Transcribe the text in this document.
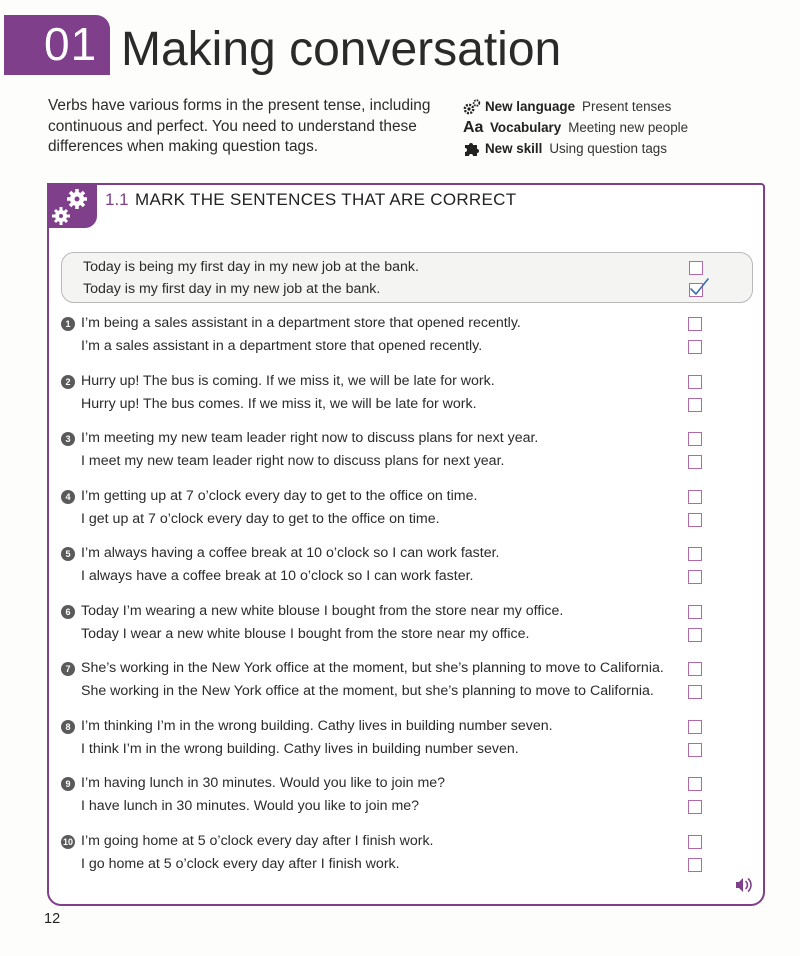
01 Making conversation
Verbs have various forms in the present tense, including continuous and perfect. You need to understand these differences when making question tags.
New language Present tenses
Aa Vocabulary Meeting new people
New skill Using question tags
1.1 MARK THE SENTENCES THAT ARE CORRECT
Today is being my first day in my new job at the bank.
Today is my first day in my new job at the bank.
1 I’m being a sales assistant in a department store that opened recently.
I’m a sales assistant in a department store that opened recently.
2 Hurry up! The bus is coming. If we miss it, we will be late for work.
Hurry up! The bus comes. If we miss it, we will be late for work.
3 I’m meeting my new team leader right now to discuss plans for next year.
I meet my new team leader right now to discuss plans for next year.
4 I’m getting up at 7 o’clock every day to get to the office on time.
I get up at 7 o’clock every day to get to the office on time.
5 I’m always having a coffee break at 10 o’clock so I can work faster.
I always have a coffee break at 10 o’clock so I can work faster.
6 Today I’m wearing a new white blouse I bought from the store near my office.
Today I wear a new white blouse I bought from the store near my office.
7 She’s working in the New York office at the moment, but she’s planning to move to California.
She working in the New York office at the moment, but she’s planning to move to California.
8 I’m thinking I’m in the wrong building. Cathy lives in building number seven.
I think I’m in the wrong building. Cathy lives in building number seven.
9 I’m having lunch in 30 minutes. Would you like to join me?
I have lunch in 30 minutes. Would you like to join me?
10 I’m going home at 5 o’clock every day after I finish work.
I go home at 5 o’clock every day after I finish work.
12
